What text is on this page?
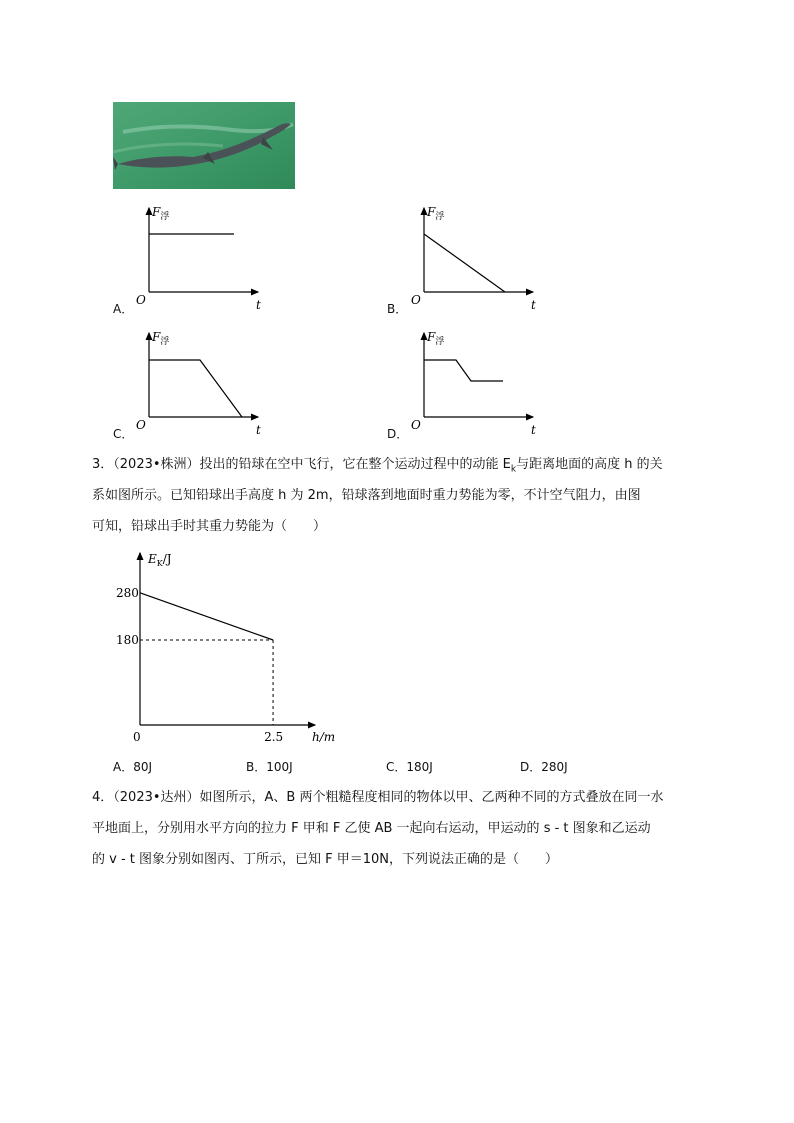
$F_浮$
O	t
A．
$F_浮$
O	t
B．
$F_浮$
O	t
C．
$F_浮$
O	t
D．
3．（2023•株洲）投出的铅球在空中飞行，它在整个运动过程中的动能 $E_k$与距离地面的高度 h 的关
系如图所示。已知铅球出手高度 h 为 2m，铅球落到地面时重力势能为零，不计空气阻力，由图
可知，铅球出手时其重力势能为（　　）
$E_K/J$
280
180
0	2.5 h/m
A．80J	B．100J	C．180J	D．280J
4．（2023•达州）如图所示，A、B 两个粗糙程度相同的物体以甲、乙两种不同的方式叠放在同一水
平地面上，分别用水平方向的拉力 F 甲和 F 乙使 AB 一起向右运动，甲运动的 s - t 图象和乙运动
的 v - t 图象分别如图丙、丁所示，已知 F 甲＝10N，下列说法正确的是（　　）
